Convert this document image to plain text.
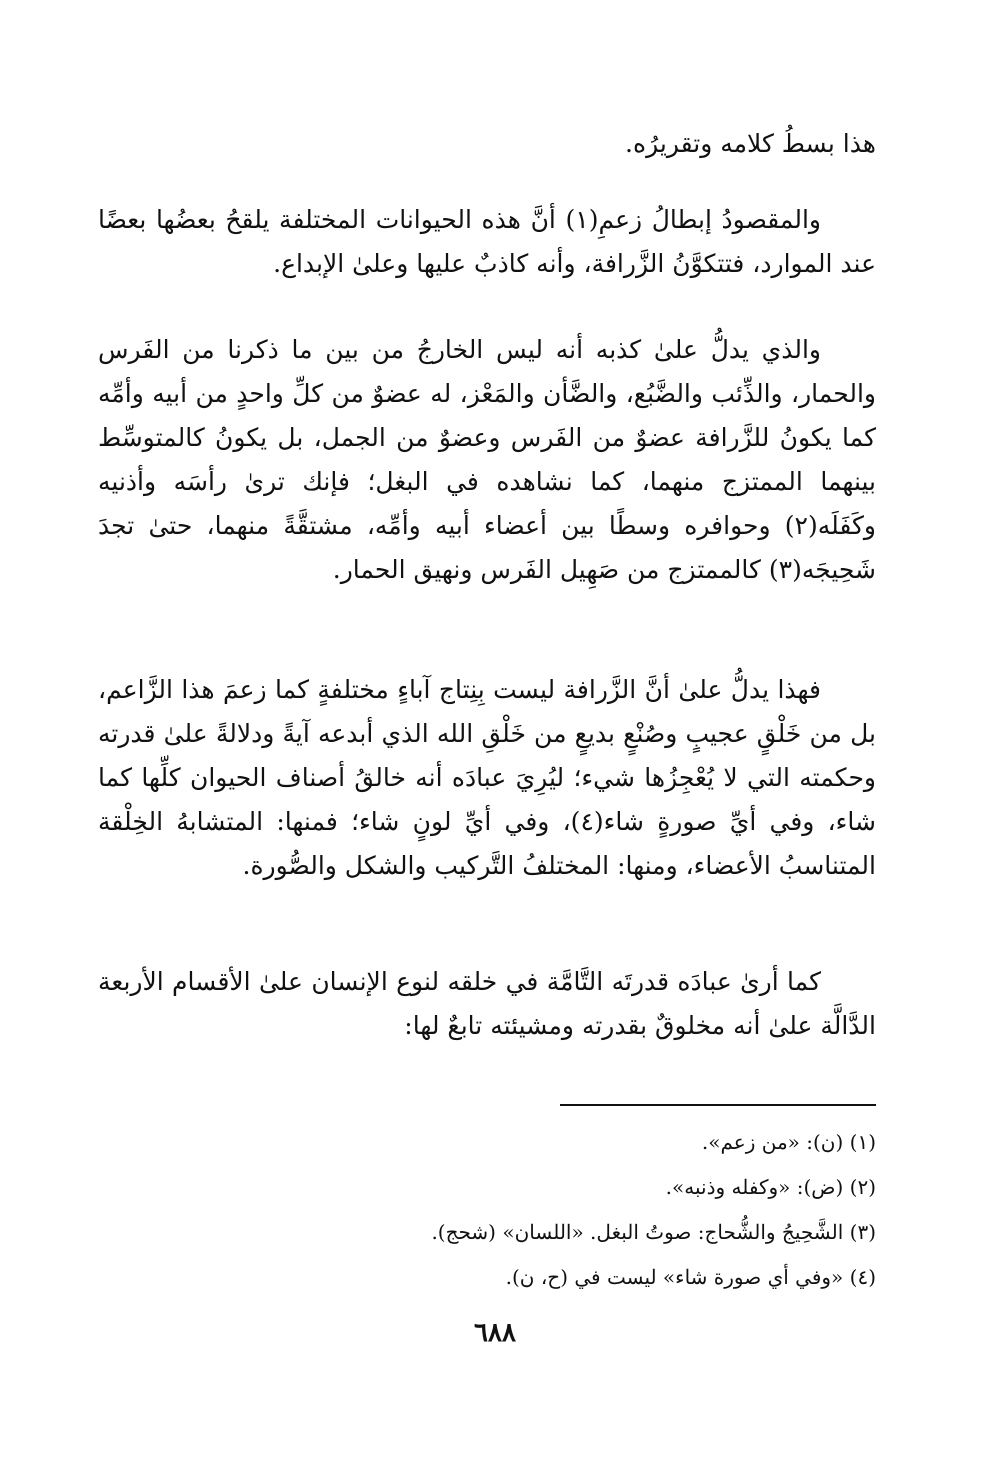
هذا بسطُ كلامه وتقريرُه.
والمقصودُ إبطالُ زعمِ(١) أنَّ هذه الحيوانات المختلفة يلقحُ بعضُها بعضًا عند الموارد، فتتكوَّنُ الزَّرافة، وأنه كاذبٌ عليها وعلىٰ الإبداع.
والذي يدلُّ علىٰ كذبه أنه ليس الخارجُ من بين ما ذكرنا من الفَرس والحمار، والذِّئب والضَّبُع، والضَّأن والمَعْز، له عضوٌ من كلِّ واحدٍ من أبيه وأمِّه كما يكونُ للزَّرافة عضوٌ من الفَرس وعضوٌ من الجمل، بل يكونُ كالمتوسِّط بينهما الممتزج منهما، كما نشاهده في البغل؛ فإنك ترىٰ رأسَه وأذنيه وكَفَلَه(٢) وحوافره وسطًا بين أعضاء أبيه وأمِّه، مشتقَّةً منهما، حتىٰ تجدَ شَحِيجَه(٣) كالممتزج من صَهِيل الفَرس ونهيق الحمار.
فهذا يدلُّ علىٰ أنَّ الزَّرافة ليست بِنِتاج آباءٍ مختلفةٍ كما زعمَ هذا الزَّاعم، بل من خَلْقٍ عجيبٍ وصُنْعٍ بديعٍ من خَلْقِ الله الذي أبدعه آيةً ودلالةً علىٰ قدرته وحكمته التي لا يُعْجِزُها شيء؛ ليُرِيَ عبادَه أنه خالقُ أصناف الحيوان كلِّها كما شاء، وفي أيِّ صورةٍ شاء(٤)، وفي أيِّ لونٍ شاء؛ فمنها: المتشابهُ الخِلْقة المتناسبُ الأعضاء، ومنها: المختلفُ التَّركيب والشكل والصُّورة.
كما أرىٰ عبادَه قدرتَه التَّامَّة في خلقه لنوع الإنسان علىٰ الأقسام الأربعة الدَّالَّة علىٰ أنه مخلوقٌ بقدرته ومشيئته تابعٌ لها:
(١) (ن): «من زعم».
(٢) (ض): «وكفله وذنبه».
(٣) الشَّحِيجُ والشُّحاج: صوتُ البغل. «اللسان» (شحج).
(٤) «وفي أي صورة شاء» ليست في (ح، ن).
٦٨٨
